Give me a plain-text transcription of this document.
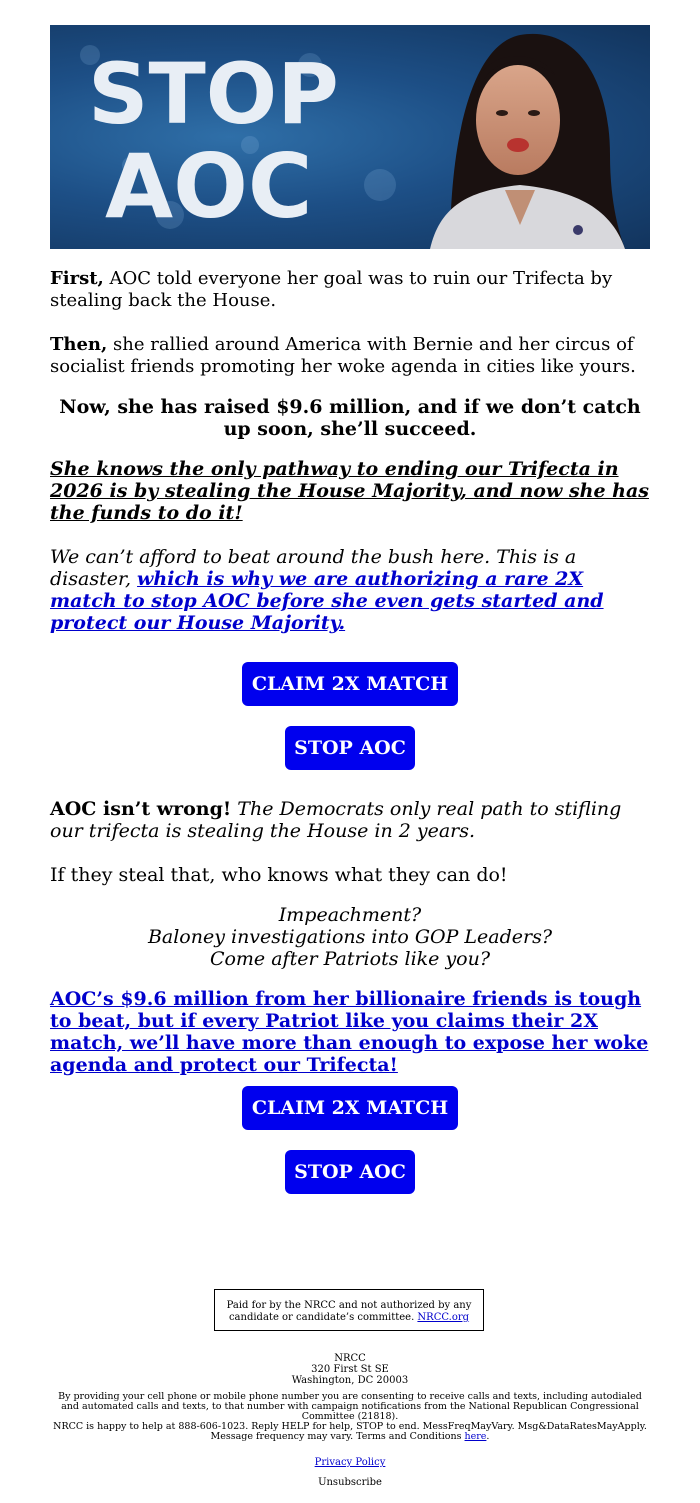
STOP
AOC

First, AOC told everyone her goal was to ruin our Trifecta by stealing back the House.

Then, she rallied around America with Bernie and her circus of socialist friends promoting her woke agenda in cities like yours.

Now, she has raised $9.6 million, and if we don’t catch up soon, she’ll succeed.

She knows the only pathway to ending our Trifecta in 2026 is by stealing the House Majority, and now she has the funds to do it!

We can’t afford to beat around the bush here. This is a disaster, which is why we are authorizing a rare 2X match to stop AOC before she even gets started and protect our House Majority.

CLAIM 2X MATCH
STOP AOC

AOC isn’t wrong! The Democrats only real path to stifling our trifecta is stealing the House in 2 years.

If they steal that, who knows what they can do!

Impeachment?
Baloney investigations into GOP Leaders?
Come after Patriots like you?

AOC’s $9.6 million from her billionaire friends is tough to beat, but if every Patriot like you claims their 2X match, we’ll have more than enough to expose her woke agenda and protect our Trifecta!

CLAIM 2X MATCH
STOP AOC
Paid for by the NRCC and not authorized by any candidate or candidate’s committee. NRCC.org
NRCC
320 First St SE
Washington, DC 20003
By providing your cell phone or mobile phone number you are consenting to receive calls and texts, including autodialed and automated calls and texts, to that number with campaign notifications from the National Republican Congressional Committee (21818).
NRCC is happy to help at 888-606-1023. Reply HELP for help, STOP to end. MessFreqMayVary. Msg&DataRatesMayApply. Message frequency may vary. Terms and Conditions here.
Privacy Policy
Unsubscribe
